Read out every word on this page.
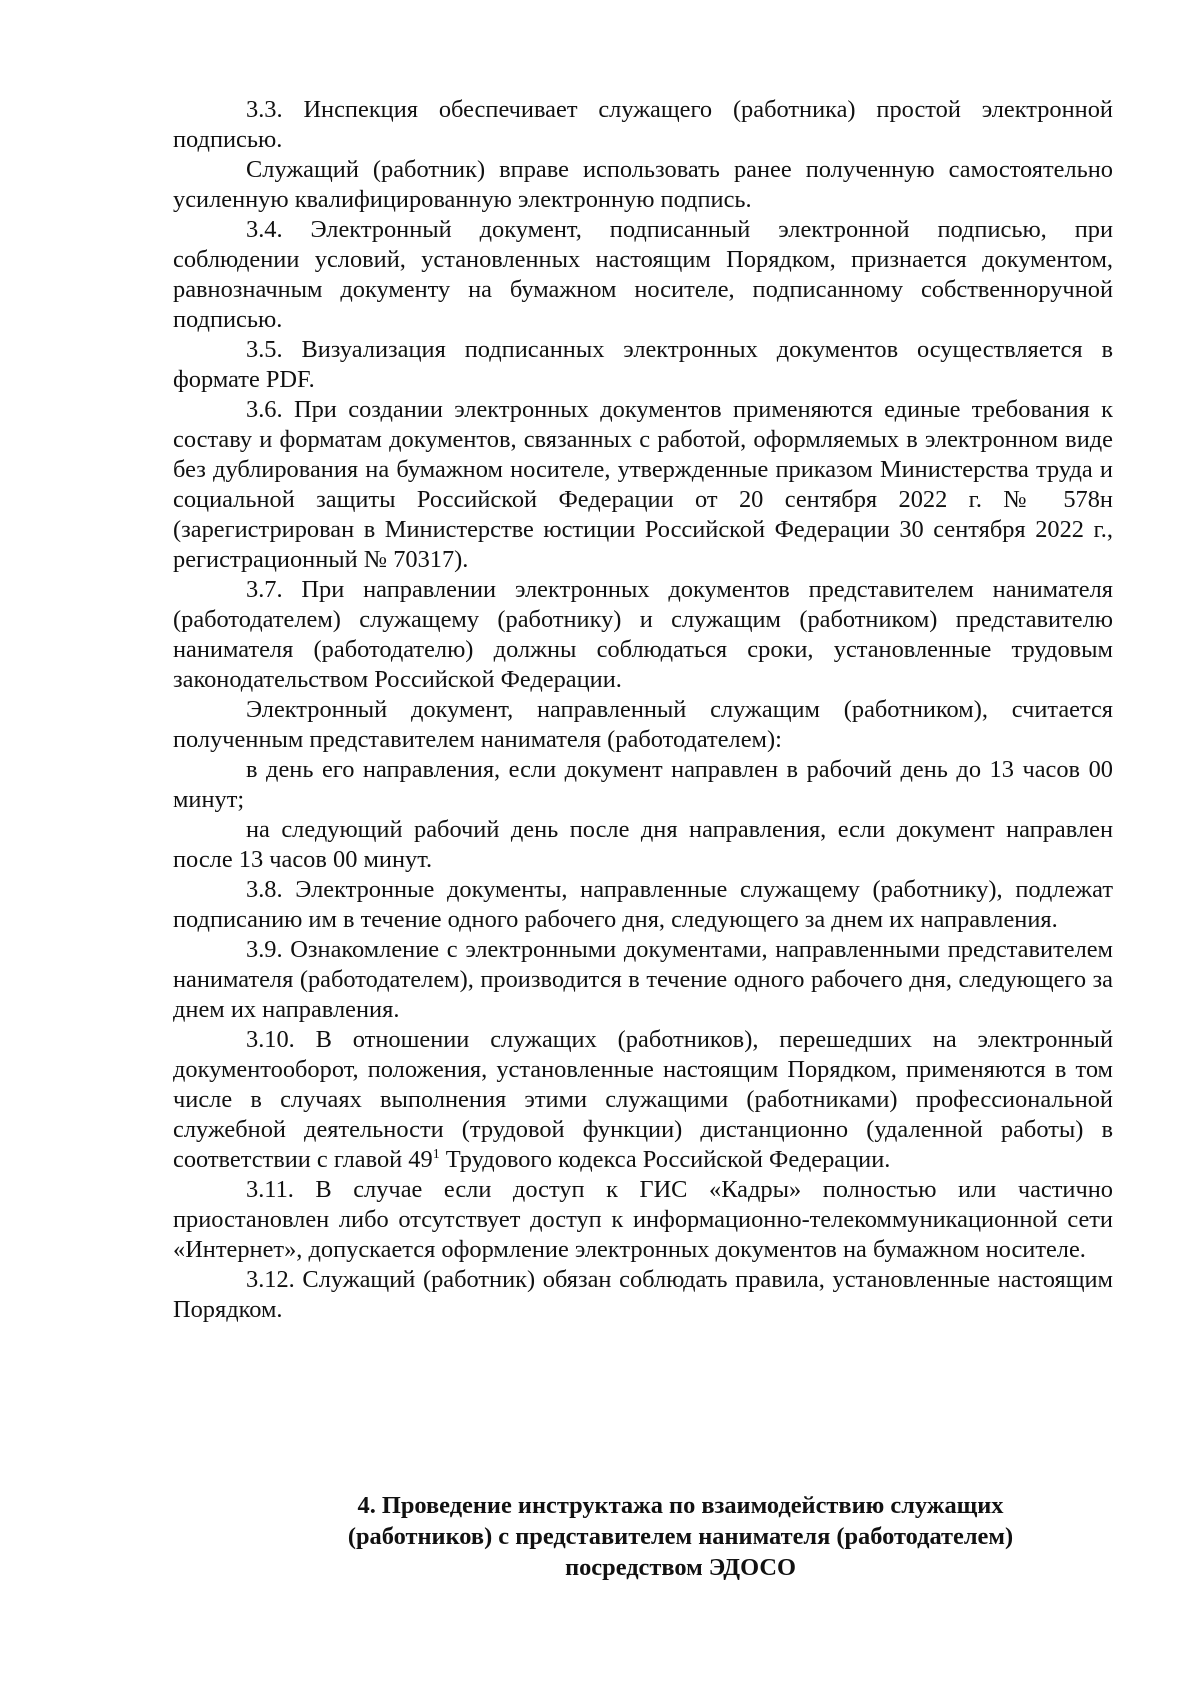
3.3. Инспекция обеспечивает служащего (работника) простой электронной подписью.

Служащий (работник) вправе использовать ранее полученную самостоятельно усиленную квалифицированную электронную подпись.

3.4. Электронный документ, подписанный электронной подписью, при соблюдении условий, установленных настоящим Порядком, признается документом, равнозначным документу на бумажном носителе, подписанному собственноручной подписью.

3.5. Визуализация подписанных электронных документов осуществляется в формате PDF.

3.6. При создании электронных документов применяются единые требования к составу и форматам документов, связанных с работой, оформляемых в электронном виде без дублирования на бумажном носителе, утвержденные приказом Министерства труда и социальной защиты Российской Федерации от 20 сентября 2022 г. № 578н (зарегистрирован в Министерстве юстиции Российской Федерации 30 сентября 2022 г., регистрационный № 70317).

3.7. При направлении электронных документов представителем нанимателя (работодателем) служащему (работнику) и служащим (работником) представителю нанимателя (работодателю) должны соблюдаться сроки, установленные трудовым законодательством Российской Федерации.

Электронный документ, направленный служащим (работником), считается полученным представителем нанимателя (работодателем):

в день его направления, если документ направлен в рабочий день до 13 часов 00 минут;

на следующий рабочий день после дня направления, если документ направлен после 13 часов 00 минут.

3.8. Электронные документы, направленные служащему (работнику), подлежат подписанию им в течение одного рабочего дня, следующего за днем их направления.

3.9. Ознакомление с электронными документами, направленными представителем нанимателя (работодателем), производится в течение одного рабочего дня, следующего за днем их направления.

3.10. В отношении служащих (работников), перешедших на электронный документооборот, положения, установленные настоящим Порядком, применяются в том числе в случаях выполнения этими служащими (работниками) профессиональной служебной деятельности (трудовой функции) дистанционно (удаленной работы) в соответствии с главой $49^1$ Трудового кодекса Российской Федерации.

3.11. В случае если доступ к ГИС «Кадры» полностью или частично приостановлен либо отсутствует доступ к информационно-телекоммуникационной сети «Интернет», допускается оформление электронных документов на бумажном носителе.

3.12. Служащий (работник) обязан соблюдать правила, установленные настоящим Порядком.

4. Проведение инструктажа по взаимодействию служащих
(работников) с представителем нанимателя (работодателем)
посредством ЭДОСО
